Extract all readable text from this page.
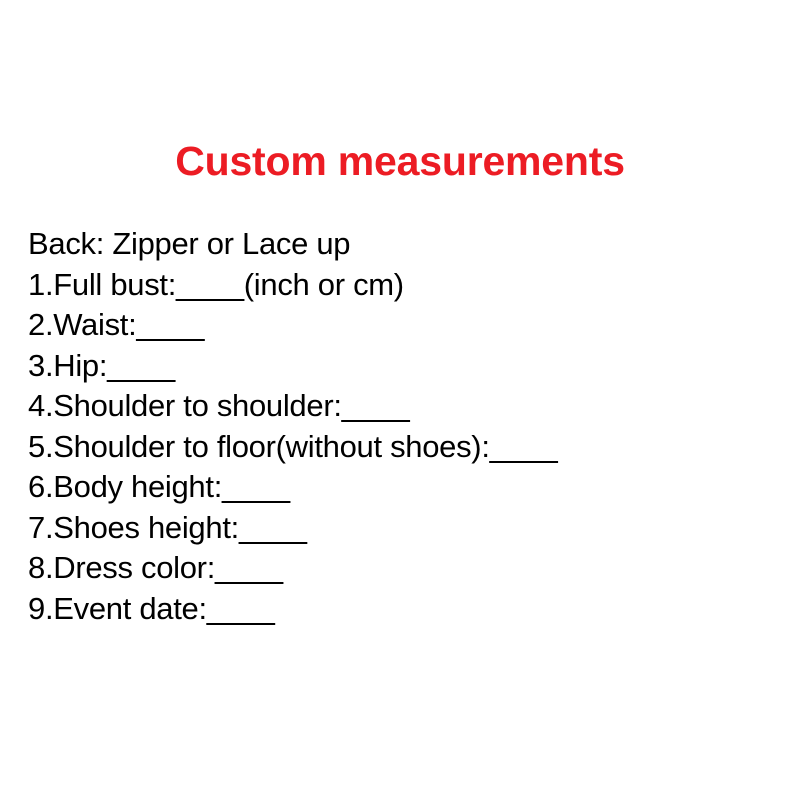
Custom measurements
Back: Zipper or Lace up
1.Full bust:____(inch or cm)
2.Waist:____
3.Hip:____
4.Shoulder to shoulder:____
5.Shoulder to floor(without shoes):____
6.Body height:____
7.Shoes height:____
8.Dress color:____
9.Event date:____
